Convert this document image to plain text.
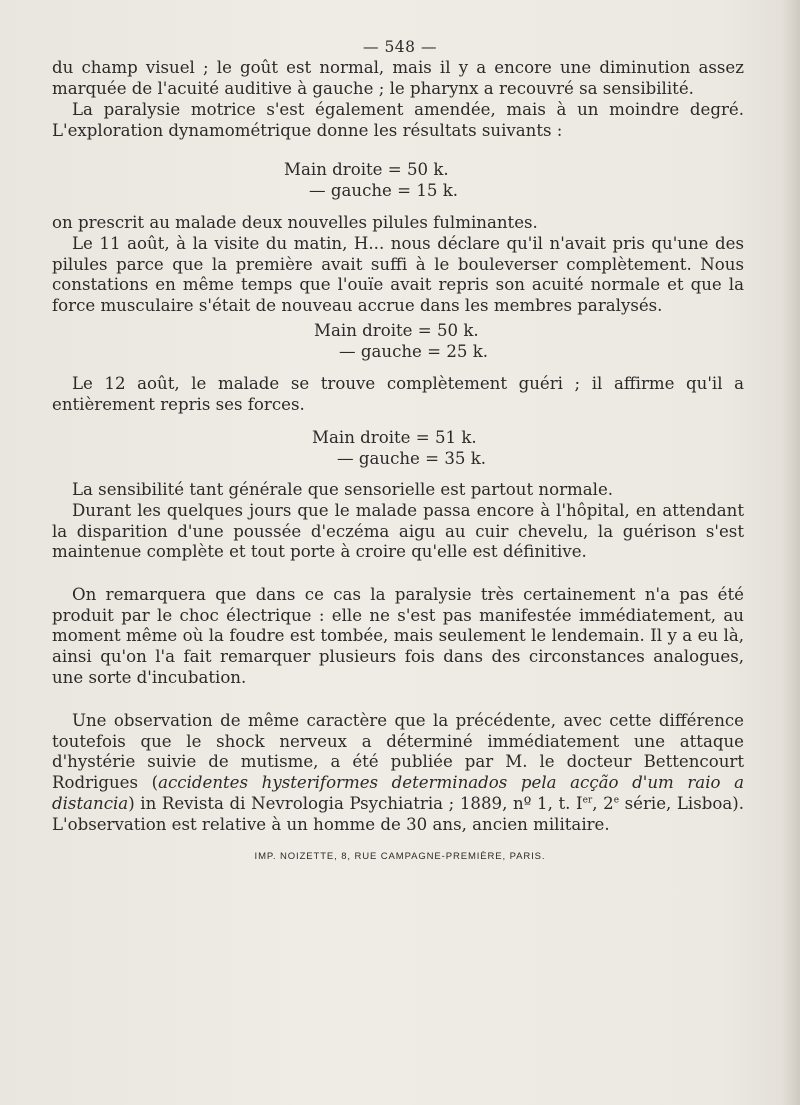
— 548 —

du champ visuel ; le goût est normal, mais il y a encore une diminution assez marquée de l'acuité auditive à gauche ; le pharynx a recouvré sa sensibilité.

La paralysie motrice s'est également amendée, mais à un moindre degré. L'exploration dynamométrique donne les résultats suivants :

Main droite = 50 k.
— gauche = 15 k.

on prescrit au malade deux nouvelles pilules fulminantes.

Le 11 août, à la visite du matin, H... nous déclare qu'il n'avait pris qu'une des pilules parce que la première avait suffi à le bouleverser complètement. Nous constations en même temps que l'ouïe avait repris son acuité normale et que la force musculaire s'était de nouveau accrue dans les membres paralysés.

Main droite = 50 k.
— gauche = 25 k.

Le 12 août, le malade se trouve complètement guéri ; il affirme qu'il a entièrement repris ses forces.

Main droite = 51 k.
— gauche = 35 k.

La sensibilité tant générale que sensorielle est partout normale.

Durant les quelques jours que le malade passa encore à l'hôpital, en attendant la disparition d'une poussée d'eczéma aigu au cuir chevelu, la guérison s'est maintenue complète et tout porte à croire qu'elle est définitive.

On remarquera que dans ce cas la paralysie très certainement n'a pas été produit par le choc électrique : elle ne s'est pas manifestée immédiatement, au moment même où la foudre est tombée, mais seulement le lendemain. Il y a eu là, ainsi qu'on l'a fait remarquer plusieurs fois dans des circonstances analogues, une sorte d'incubation.

Une observation de même caractère que la précédente, avec cette différence toutefois que le shock nerveux a déterminé immédiatement une attaque d'hystérie suivie de mutisme, a été publiée par M. le docteur Bettencourt Rodrigues (accidentes hysteriformes determinados pela acção d'um raio a distancia) in Revista di Nevrologia Psychiatria ; 1889, nº 1, t. Ier, 2e série, Lisboa). L'observation est relative à un homme de 30 ans, ancien militaire.

IMP. NOIZETTE, 8, RUE CAMPAGNE-PREMIÈRE, PARIS.
